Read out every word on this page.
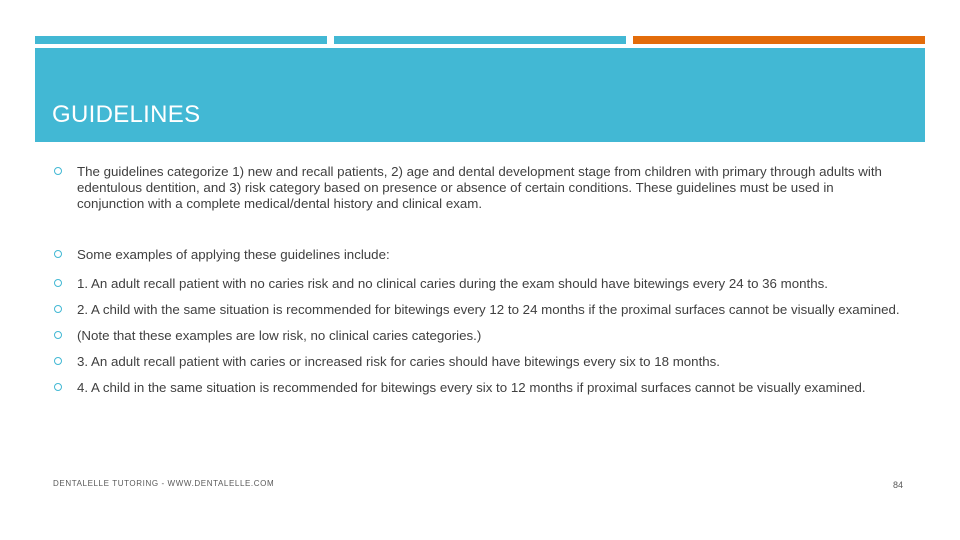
GUIDELINES
The guidelines categorize 1) new and recall patients, 2) age and dental development stage from children with primary through adults with edentulous dentition, and 3) risk category based on presence or absence of certain conditions. These guidelines must be used in conjunction with a complete medical/dental history and clinical exam.
Some examples of applying these guidelines include:
1. An adult recall patient with no caries risk and no clinical caries during the exam should have bitewings every 24 to 36 months.
2. A child with the same situation is recommended for bitewings every 12 to 24 months if the proximal surfaces cannot be visually examined.
(Note that these examples are low risk, no clinical caries categories.)
3. An adult recall patient with caries or increased risk for caries should have bitewings every six to 18 months.
4. A child in the same situation is recommended for bitewings every six to 12 months if proximal surfaces cannot be visually examined.
DENTALELLE TUTORING - WWW.DENTALELLE.COM	84
